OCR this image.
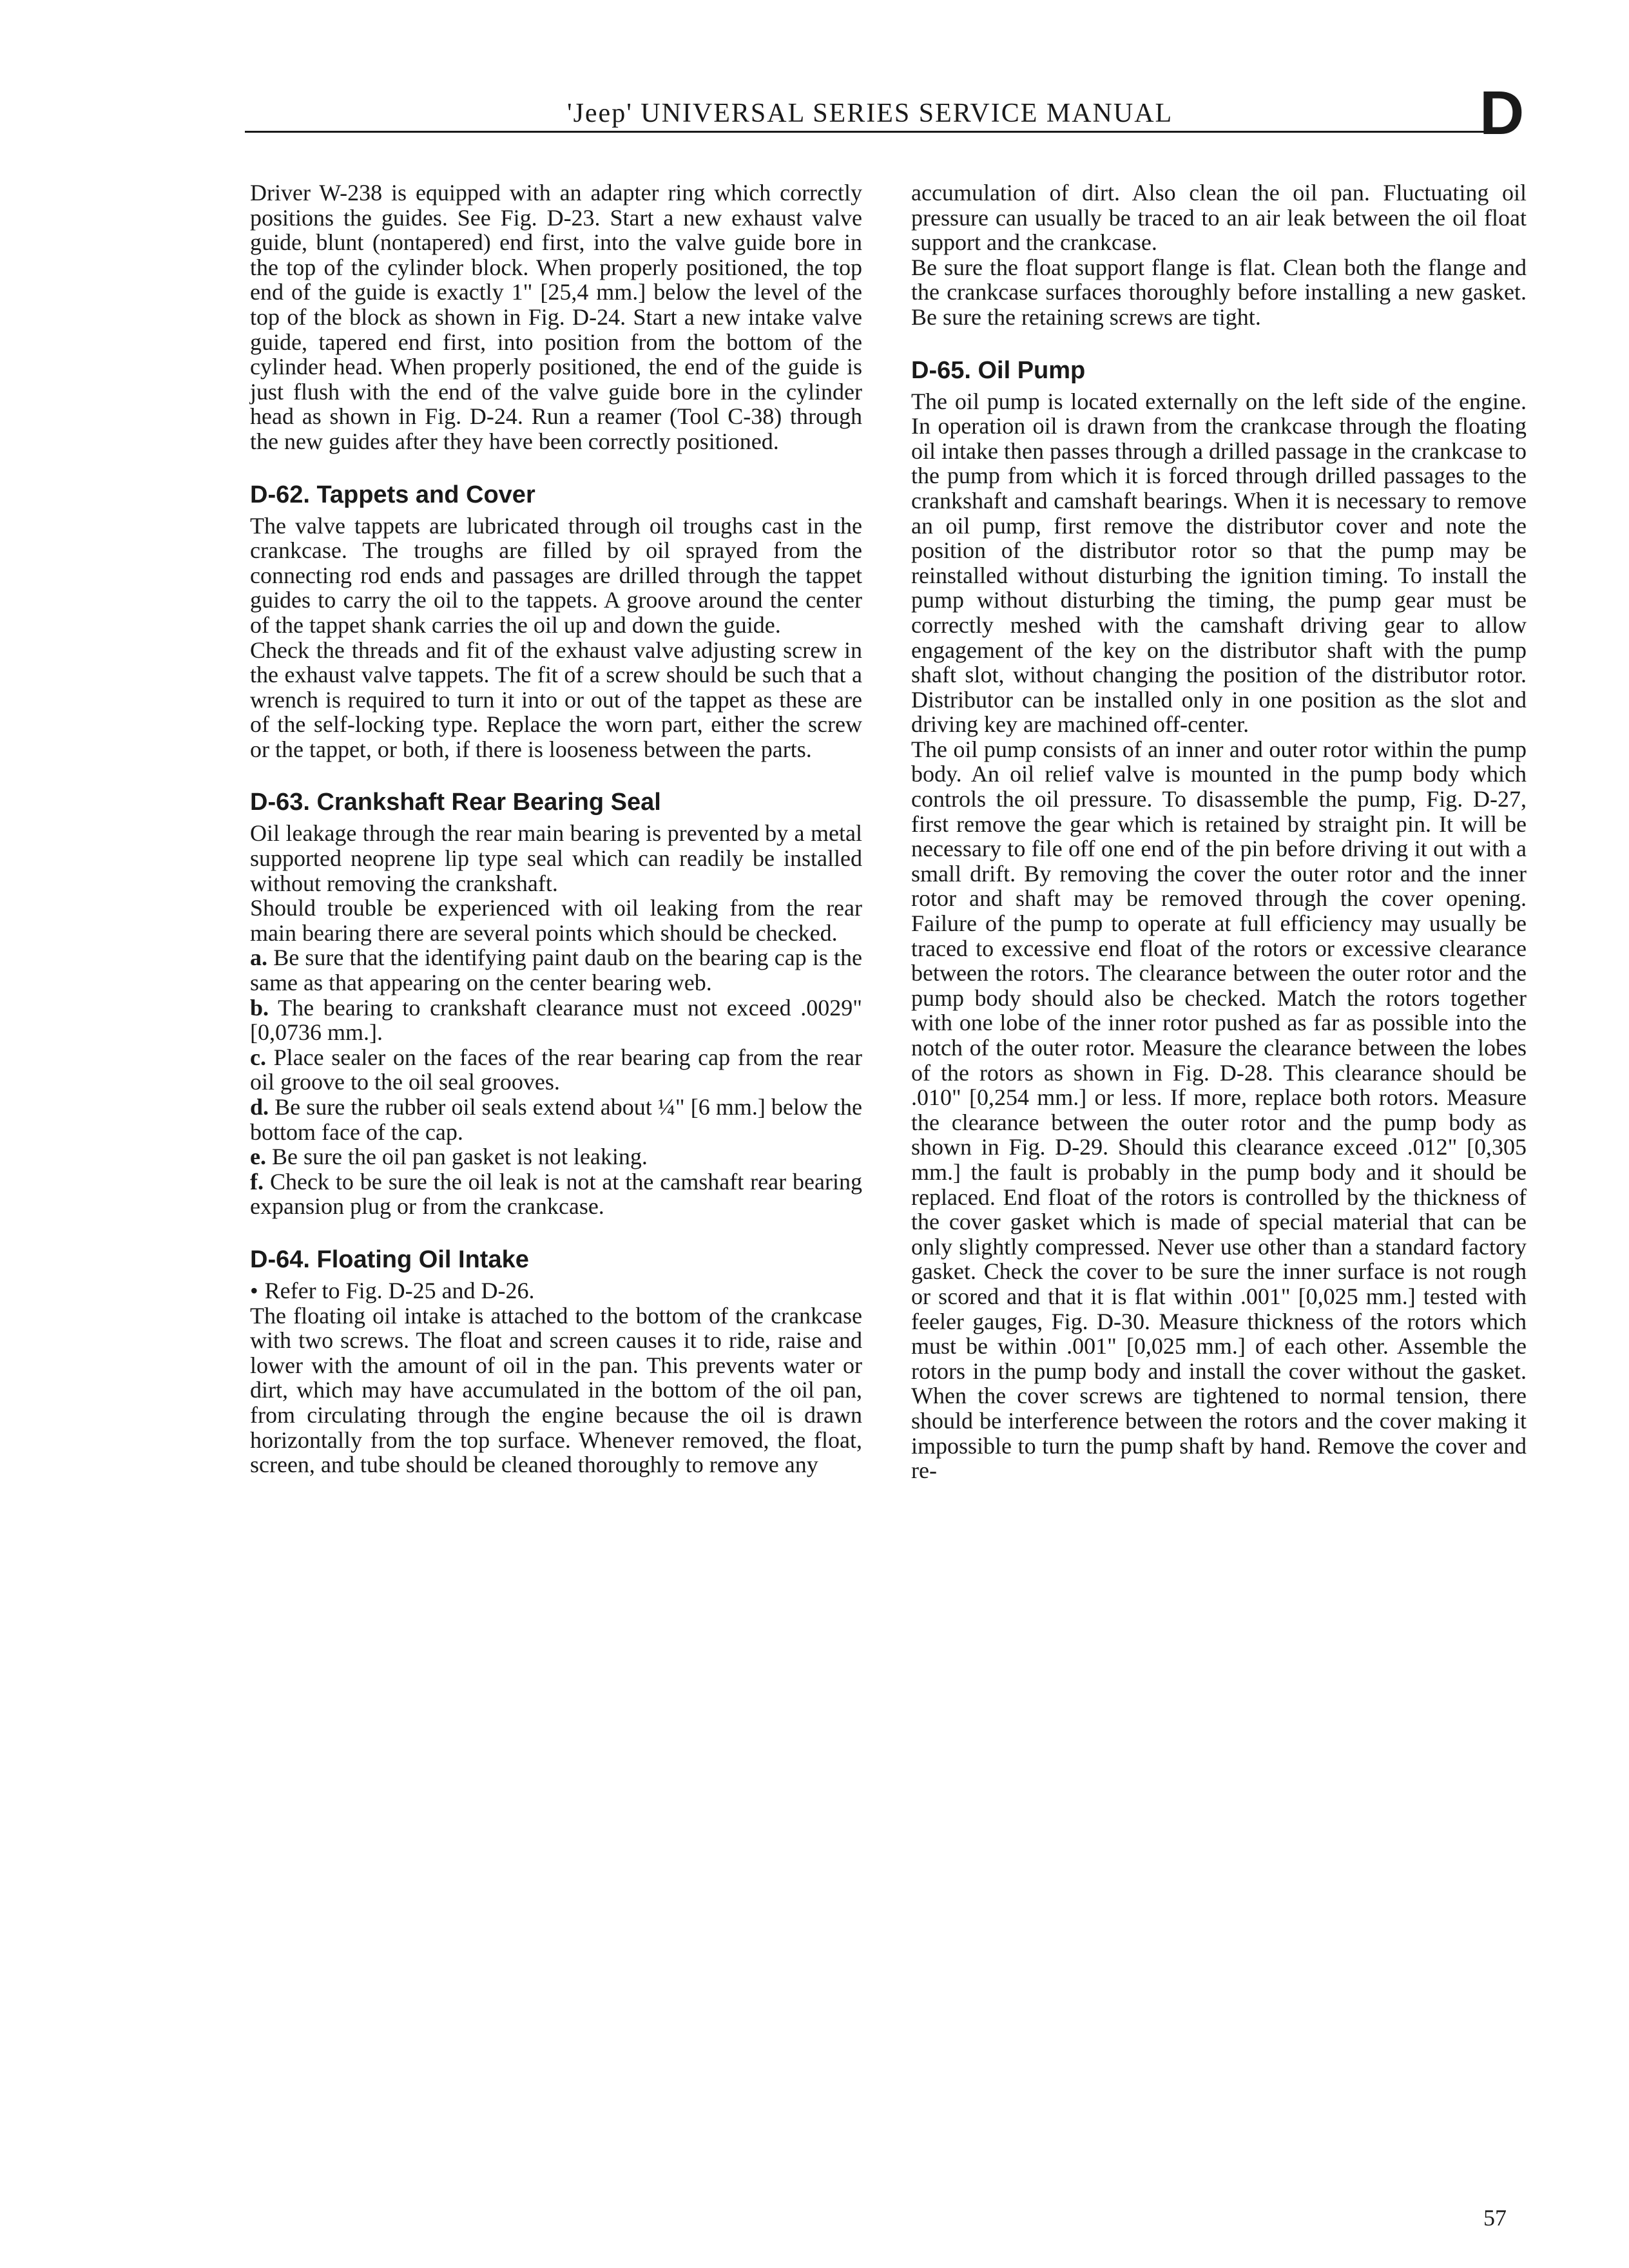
'Jeep' UNIVERSAL SERIES SERVICE MANUAL	D

Driver W-238 is equipped with an adapter ring which correctly positions the guides. See Fig. D-23. Start a new exhaust valve guide, blunt (nontapered) end first, into the valve guide bore in the top of the cylinder block. When properly positioned, the top end of the guide is exactly 1" [25,4 mm.] below the level of the top of the block as shown in Fig. D-24. Start a new intake valve guide, tapered end first, into position from the bottom of the cylinder head. When properly positioned, the end of the guide is just flush with the end of the valve guide bore in the cylinder head as shown in Fig. D-24. Run a reamer (Tool C-38) through the new guides after they have been correctly positioned.

D-62. Tappets and Cover

The valve tappets are lubricated through oil troughs cast in the crankcase. The troughs are filled by oil sprayed from the connecting rod ends and passages are drilled through the tappet guides to carry the oil to the tappets. A groove around the center of the tappet shank carries the oil up and down the guide.

Check the threads and fit of the exhaust valve adjusting screw in the exhaust valve tappets. The fit of a screw should be such that a wrench is required to turn it into or out of the tappet as these are of the self-locking type. Replace the worn part, either the screw or the tappet, or both, if there is looseness between the parts.

D-63. Crankshaft Rear Bearing Seal

Oil leakage through the rear main bearing is prevented by a metal supported neoprene lip type seal which can readily be installed without removing the crankshaft.

Should trouble be experienced with oil leaking from the rear main bearing there are several points which should be checked.

a. Be sure that the identifying paint daub on the bearing cap is the same as that appearing on the center bearing web.

b. The bearing to crankshaft clearance must not exceed .0029" [0,0736 mm.].

c. Place sealer on the faces of the rear bearing cap from the rear oil groove to the oil seal grooves.

d. Be sure the rubber oil seals extend about ¼" [6 mm.] below the bottom face of the cap.

e. Be sure the oil pan gasket is not leaking.

f. Check to be sure the oil leak is not at the camshaft rear bearing expansion plug or from the crankcase.

D-64. Floating Oil Intake

• Refer to Fig. D-25 and D-26.

The floating oil intake is attached to the bottom of the crankcase with two screws. The float and screen causes it to ride, raise and lower with the amount of oil in the pan. This prevents water or dirt, which may have accumulated in the bottom of the oil pan, from circulating through the engine because the oil is drawn horizontally from the top surface. Whenever removed, the float, screen, and tube should be cleaned thoroughly to remove any

accumulation of dirt. Also clean the oil pan. Fluctuating oil pressure can usually be traced to an air leak between the oil float support and the crankcase.

Be sure the float support flange is flat. Clean both the flange and the crankcase surfaces thoroughly before installing a new gasket. Be sure the retaining screws are tight.

D-65. Oil Pump

The oil pump is located externally on the left side of the engine. In operation oil is drawn from the crankcase through the floating oil intake then passes through a drilled passage in the crankcase to the pump from which it is forced through drilled passages to the crankshaft and camshaft bearings. When it is necessary to remove an oil pump, first remove the distributor cover and note the position of the distributor rotor so that the pump may be reinstalled without disturbing the ignition timing. To install the pump without disturbing the timing, the pump gear must be correctly meshed with the camshaft driving gear to allow engagement of the key on the distributor shaft with the pump shaft slot, without changing the position of the distributor rotor. Distributor can be installed only in one position as the slot and driving key are machined off-center.

The oil pump consists of an inner and outer rotor within the pump body. An oil relief valve is mounted in the pump body which controls the oil pressure. To disassemble the pump, Fig. D-27, first remove the gear which is retained by straight pin. It will be necessary to file off one end of the pin before driving it out with a small drift. By removing the cover the outer rotor and the inner rotor and shaft may be removed through the cover opening. Failure of the pump to operate at full efficiency may usually be traced to excessive end float of the rotors or excessive clearance between the rotors. The clearance between the outer rotor and the pump body should also be checked. Match the rotors together with one lobe of the inner rotor pushed as far as possible into the notch of the outer rotor. Measure the clearance between the lobes of the rotors as shown in Fig. D-28. This clearance should be .010" [0,254 mm.] or less. If more, replace both rotors. Measure the clearance between the outer rotor and the pump body as shown in Fig. D-29. Should this clearance exceed .012" [0,305 mm.] the fault is probably in the pump body and it should be replaced. End float of the rotors is controlled by the thickness of the cover gasket which is made of special material that can be only slightly compressed. Never use other than a standard factory gasket. Check the cover to be sure the inner surface is not rough or scored and that it is flat within .001" [0,025 mm.] tested with feeler gauges, Fig. D-30. Measure thickness of the rotors which must be within .001" [0,025 mm.] of each other. Assemble the rotors in the pump body and install the cover without the gasket. When the cover screws are tightened to normal tension, there should be interference between the rotors and the cover making it impossible to turn the pump shaft by hand. Remove the cover and re-

57
